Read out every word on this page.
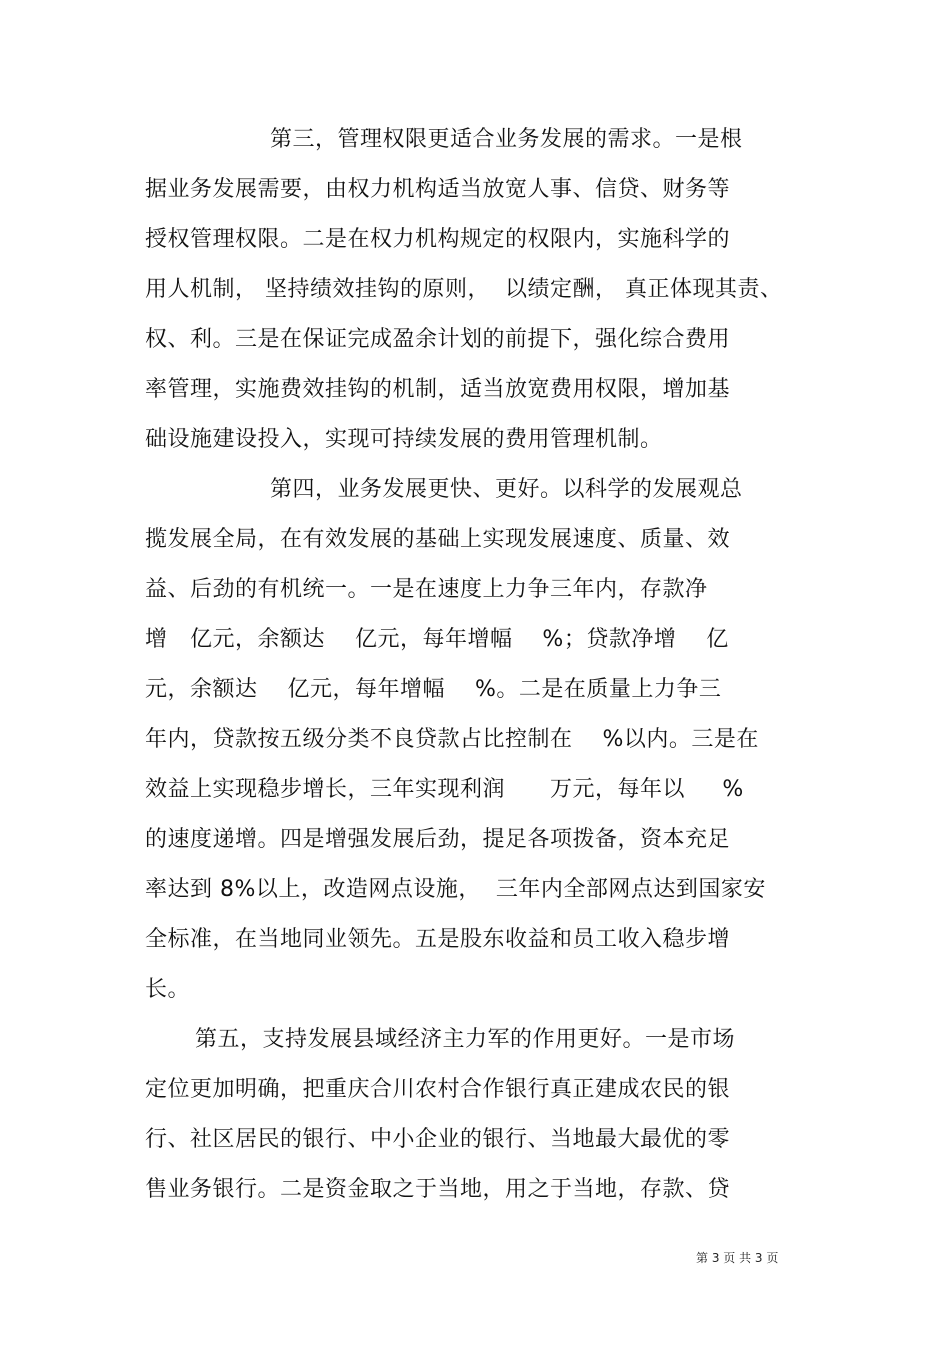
第三，管理权限更适合业务发展的需求。一是根
据业务发展需要，由权力机构适当放宽人事、信贷、财务等
授权管理权限。二是在权力机构规定的权限内，实施科学的
用人机制， 坚持绩效挂钩的原则，  以绩定酬， 真正体现其责、
权、利。三是在保证完成盈余计划的前提下，强化综合费用
率管理，实施费效挂钩的机制，适当放宽费用权限，增加基
础设施建设投入，实现可持续发展的费用管理机制。
第四，业务发展更快、更好。以科学的发展观总
揽发展全局，在有效发展的基础上实现发展速度、质量、效
益、后劲的有机统一。一是在速度上力争三年内，存款净
增   亿元，余额达    亿元，每年增幅    %；贷款净增    亿
元，余额达    亿元，每年增幅    %。二是在质量上力争三
年内，贷款按五级分类不良贷款占比控制在    %以内。三是在
效益上实现稳步增长，三年实现利润      万元，每年以     %
的速度递增。四是增强发展后劲，提足各项拨备，资本充足
率达到 8%以上，改造网点设施，  三年内全部网点达到国家安
全标准，在当地同业领先。五是股东收益和员工收入稳步增
长。
第五，支持发展县域经济主力军的作用更好。一是市场
定位更加明确，把重庆合川农村合作银行真正建成农民的银
行、社区居民的银行、中小企业的银行、当地最大最优的零
售业务银行。二是资金取之于当地，用之于当地，存款、贷
第 3 页 共 3 页
